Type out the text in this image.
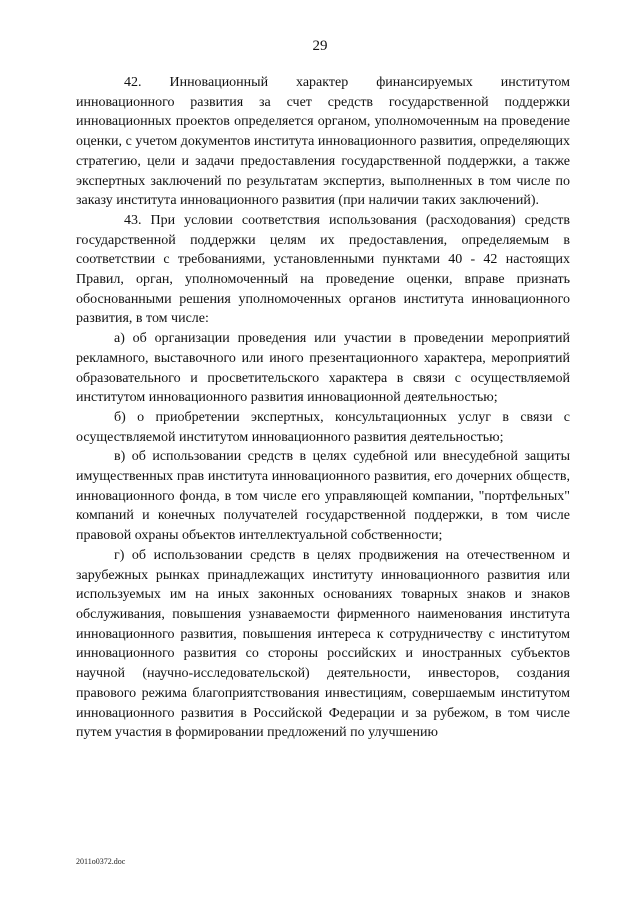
29

42. Инновационный характер финансируемых институтом инновационного развития за счет средств государственной поддержки инновационных проектов определяется органом, уполномоченным на проведение оценки, с учетом документов института инновационного развития, определяющих стратегию, цели и задачи предоставления государственной поддержки, а также экспертных заключений по результатам экспертиз, выполненных в том числе по заказу института инновационного развития (при наличии таких заключений).

43. При условии соответствия использования (расходования) средств государственной поддержки целям их предоставления, определяемым в соответствии с требованиями, установленными пунктами 40 - 42 настоящих Правил, орган, уполномоченный на проведение оценки, вправе признать обоснованными решения уполномоченных органов института инновационного развития, в том числе:

а) об организации проведения или участии в проведении мероприятий рекламного, выставочного или иного презентационного характера, мероприятий образовательного и просветительского характера в связи с осуществляемой институтом инновационного развития инновационной деятельностью;

б) о приобретении экспертных, консультационных услуг в связи с осуществляемой институтом инновационного развития деятельностью;

в) об использовании средств в целях судебной или внесудебной защиты имущественных прав института инновационного развития, его дочерних обществ, инновационного фонда, в том числе его управляющей компании, "портфельных" компаний и конечных получателей государственной поддержки, в том числе правовой охраны объектов интеллектуальной собственности;

г) об использовании средств в целях продвижения на отечественном и зарубежных рынках принадлежащих институту инновационного развития или используемых им на иных законных основаниях товарных знаков и знаков обслуживания, повышения узнаваемости фирменного наименования института инновационного развития, повышения интереса к сотрудничеству с институтом инновационного развития со стороны российских и иностранных субъектов научной (научно-исследовательской) деятельности, инвесторов, создания правового режима благоприятствования инвестициям, совершаемым институтом инновационного развития в Российской Федерации и за рубежом, в том числе путем участия в формировании предложений по улучшению

2011о0372.doc
